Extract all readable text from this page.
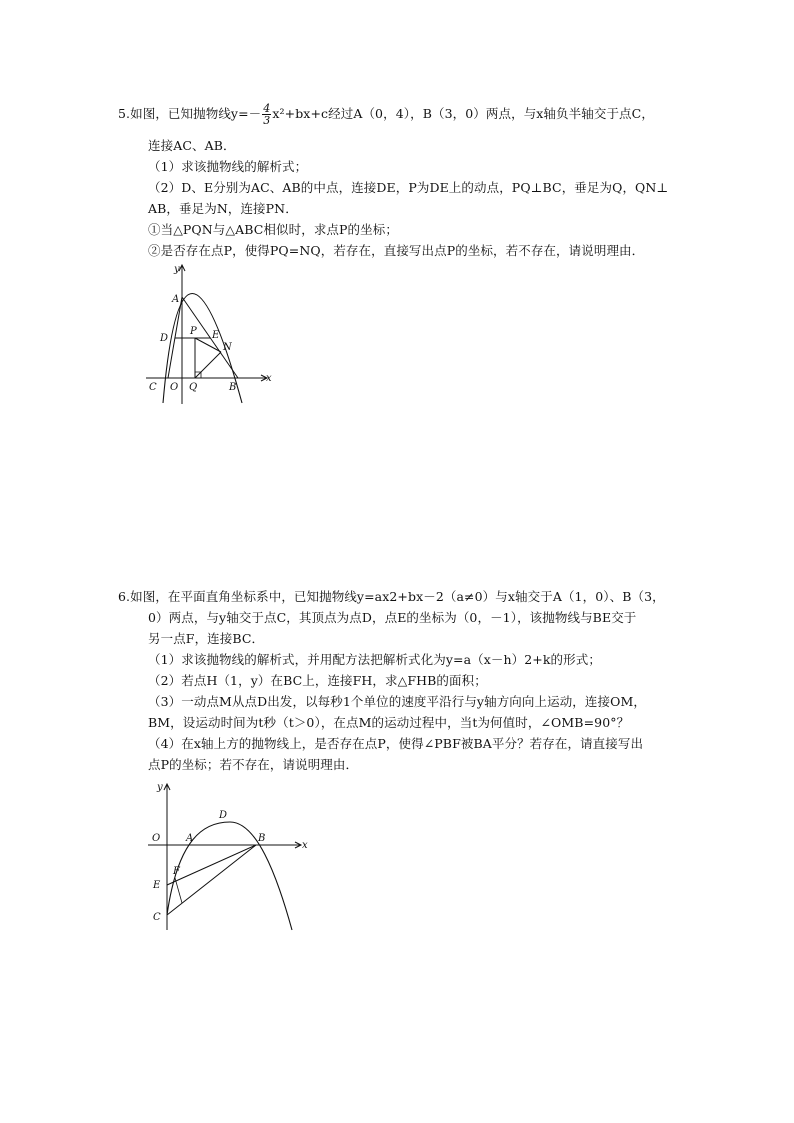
5.如图，已知抛物线$y=- \frac{4}{3} x^2+bx+c$经过A（0，4），B（3，0）两点，与x轴负半轴交于点C，
连接AC、AB．
（1）求该抛物线的解析式；
（2）D、E分别为AC、AB的中点，连接DE，P为DE上的动点，PQ⊥BC，垂足为Q，QN⊥
AB，垂足为N，连接PN．
①当△PQN与△ABC相似时，求点P的坐标；
②是否存在点P，使得PQ=NQ，若存在，直接写出点P的坐标，若不存在，请说明理由．
y
x
A
D
P E
N
C O Q	B
6.如图，在平面直角坐标系中，已知抛物线y=ax2+bx－2（a≠0）与x轴交于A（1，0）、B（3，
0）两点，与y轴交于点C，其顶点为点D，点E的坐标为（0，－1），该抛物线与BE交于
另一点F，连接BC．
（1）求该抛物线的解析式，并用配方法把解析式化为y=a（x－h）2+k的形式；
（2）若点H（1，y）在BC上，连接FH，求△FHB的面积；
（3）一动点M从点D出发，以每秒1个单位的速度平沿行与y轴方向向上运动，连接OM，
BM，设运动时间为t秒（t＞0），在点M的运动过程中，当t为何值时，∠OMB=90°？
（4）在x轴上方的抛物线上，是否存在点P，使得∠PBF被BA平分？若存在，请直接写出
点P的坐标；若不存在，请说明理由．
y
x
O	A
D
B
F
E
C
